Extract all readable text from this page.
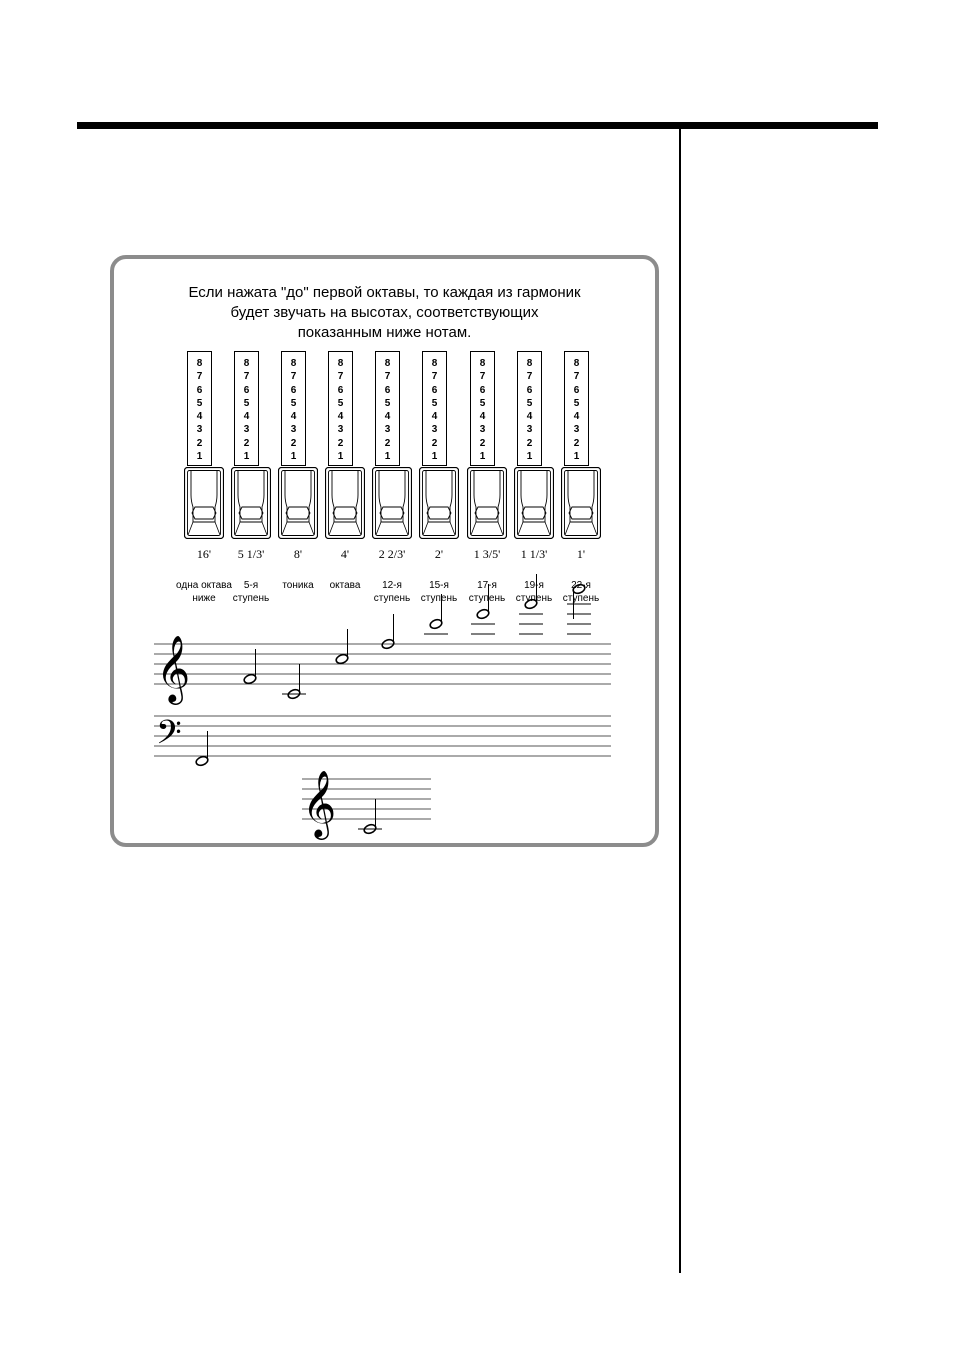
Если нажата "до" первой октавы, то каждая из гармоник
будет звучать на высотах, соответствующих
показанным ниже нотам.
8
7
6
5
4
3
2
1
16'
одна октава
ниже
8
7
6
5
4
3
2
1
5 1/3'
5-я
ступень
8
7
6
5
4
3
2
1
8'
тоника
8
7
6
5
4
3
2
1
4'
октава
8
7
6
5
4
3
2
1
2 2/3'
12-я
ступень
8
7
6
5
4
3
2
1
2'
15-я
ступень
8
7
6
5
4
3
2
1
1 3/5'
17-я
ступень
8
7
6
5
4
3
2
1
1 1/3'
19-я
ступень
8
7
6
5
4
3
2
1
1'
22-я
ступень
𝄞
𝄢
𝄞
